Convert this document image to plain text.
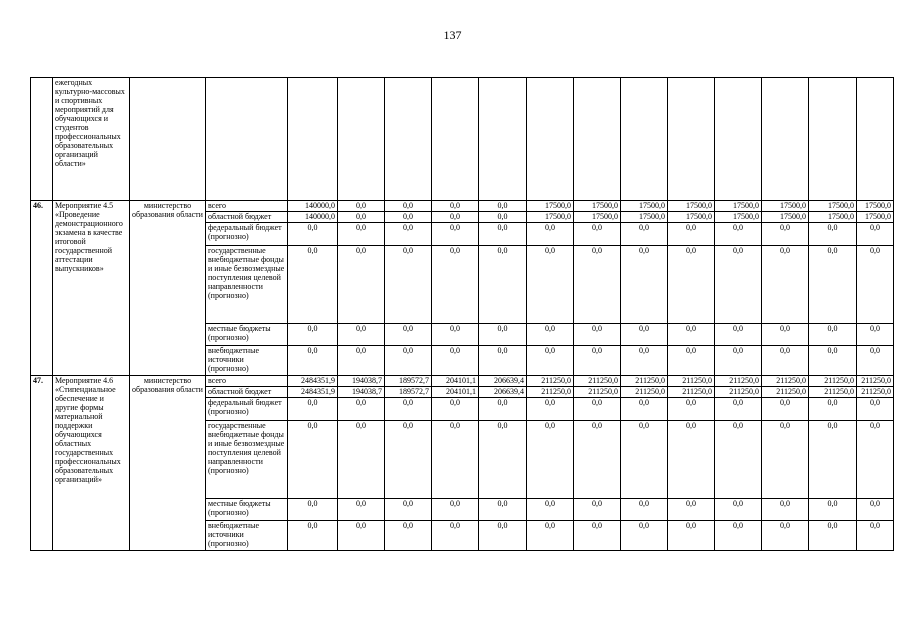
137
	ежегодных культурно-массовых и спортивных мероприятий для обучающихся и студентов профессиональных образовательных организаций области»															
46.	Мероприятие 4.5 «Проведение демонстрационного экзамена в качестве итоговой государственной аттестации выпускников»	министерство образования области	всего	140000,0	0,0	0,0	0,0	0,0	17500,0	17500,0	17500,0	17500,0	17500,0	17500,0	17500,0	17500,0
			областной бюджет	140000,0	0,0	0,0	0,0	0,0	17500,0	17500,0	17500,0	17500,0	17500,0	17500,0	17500,0	17500,0
			федеральный бюджет (прогнозно)	0,0	0,0	0,0	0,0	0,0	0,0	0,0	0,0	0,0	0,0	0,0	0,0	0,0
			государственные внебюджетные фонды и иные безвозмездные поступления целевой направленности (прогнозно)	0,0	0,0	0,0	0,0	0,0	0,0	0,0	0,0	0,0	0,0	0,0	0,0	0,0
			местные бюджеты (прогнозно)	0,0	0,0	0,0	0,0	0,0	0,0	0,0	0,0	0,0	0,0	0,0	0,0	0,0
			внебюджетные источники (прогнозно)	0,0	0,0	0,0	0,0	0,0	0,0	0,0	0,0	0,0	0,0	0,0	0,0	0,0
47.	Мероприятие 4.6 «Стипендиальное обеспечение и другие формы материальной поддержки обучающихся областных государственных профессиональных образовательных организаций»	министерство образования области	всего	2484351,9	194038,7	189572,7	204101,1	206639,4	211250,0	211250,0	211250,0	211250,0	211250,0	211250,0	211250,0	211250,0
			областной бюджет	2484351,9	194038,7	189572,7	204101,1	206639,4	211250,0	211250,0	211250,0	211250,0	211250,0	211250,0	211250,0	211250,0
			федеральный бюджет (прогнозно)	0,0	0,0	0,0	0,0	0,0	0,0	0,0	0,0	0,0	0,0	0,0	0,0	0,0
			государственные внебюджетные фонды и иные безвозмездные поступления целевой направленности (прогнозно)	0,0	0,0	0,0	0,0	0,0	0,0	0,0	0,0	0,0	0,0	0,0	0,0	0,0
			местные бюджеты (прогнозно)	0,0	0,0	0,0	0,0	0,0	0,0	0,0	0,0	0,0	0,0	0,0	0,0	0,0
			внебюджетные источники (прогнозно)	0,0	0,0	0,0	0,0	0,0	0,0	0,0	0,0	0,0	0,0	0,0	0,0	0,0
